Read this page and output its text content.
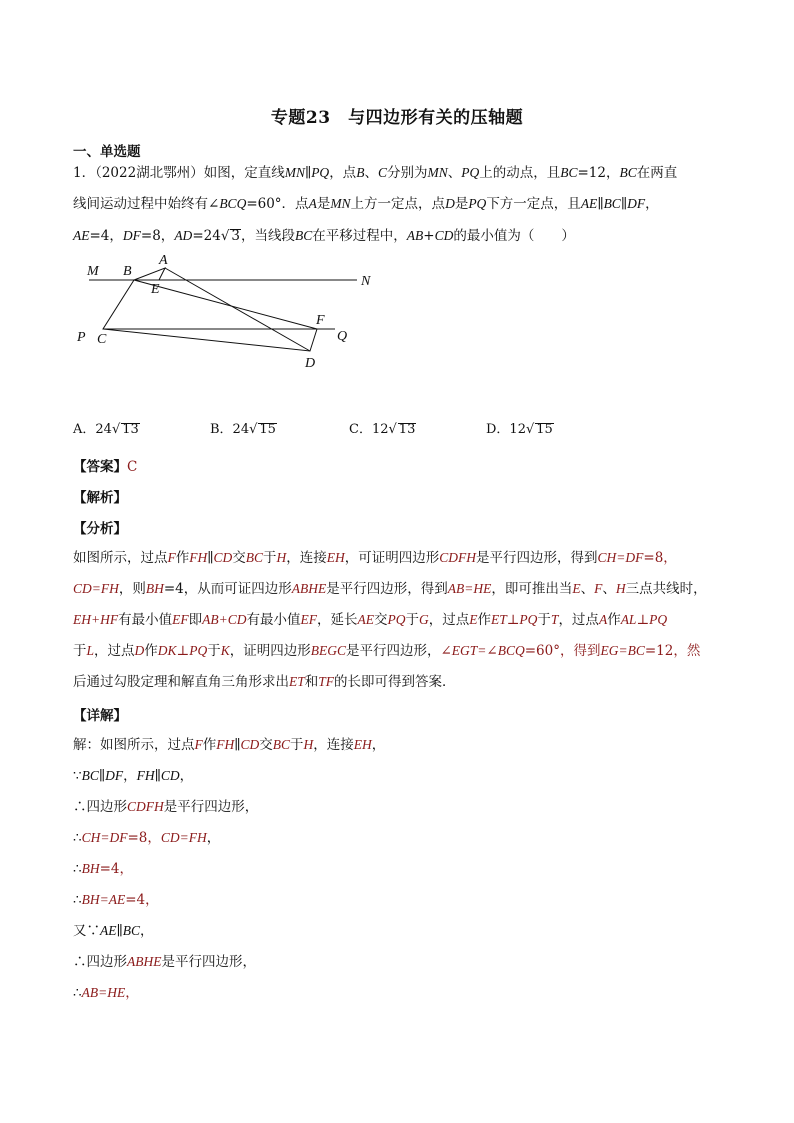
专题23　与四边形有关的压轴题
一、单选题
1．（2022湖北鄂州）如图，定直线MN∥PQ，点B、C分别为MN、PQ上的动点，且BC=12，BC在两直
线间运动过程中始终有∠BCQ=60°．点A是MN上方一定点，点D是PQ下方一定点，且AE∥BC∥DF，
AE=4，DF=8，AD=24√ 3，当线段BC在平移过程中，AB+CD的最小值为（　　）
M B
A
E
N
F
Q
P C
D
A．24√ 13	B．24√ 15	C．12√ 13	D．12√ 15
【答案】C
【解析】
【分析】
如图所示，过点F作FH∥CD交BC于H，连接EH，可证明四边形CDFH是平行四边形，得到CH=DF=8，
CD=FH，则BH=4，从而可证四边形ABHE是平行四边形，得到AB=HE，即可推出当E、F、H三点共线时，
EH+HF有最小值EF即AB+CD有最小值EF，延长AE交PQ于G，过点E作ET⊥PQ于T，过点A作AL⊥PQ
于L，过点D作DK⊥PQ于K，证明四边形BEGC是平行四边形，∠EGT=∠BCQ=60°，得到EG=BC=12，然
后通过勾股定理和解直角三角形求出ET和TF的长即可得到答案．
【详解】
解：如图所示，过点F作FH∥CD交BC于H，连接EH，
∵BC∥DF，FH∥CD，
∴四边形CDFH是平行四边形，
∴CH=DF=8，CD=FH，
∴BH=4，
∴BH=AE=4，
又∵AE∥BC，
∴四边形ABHE是平行四边形，
∴AB=HE，
